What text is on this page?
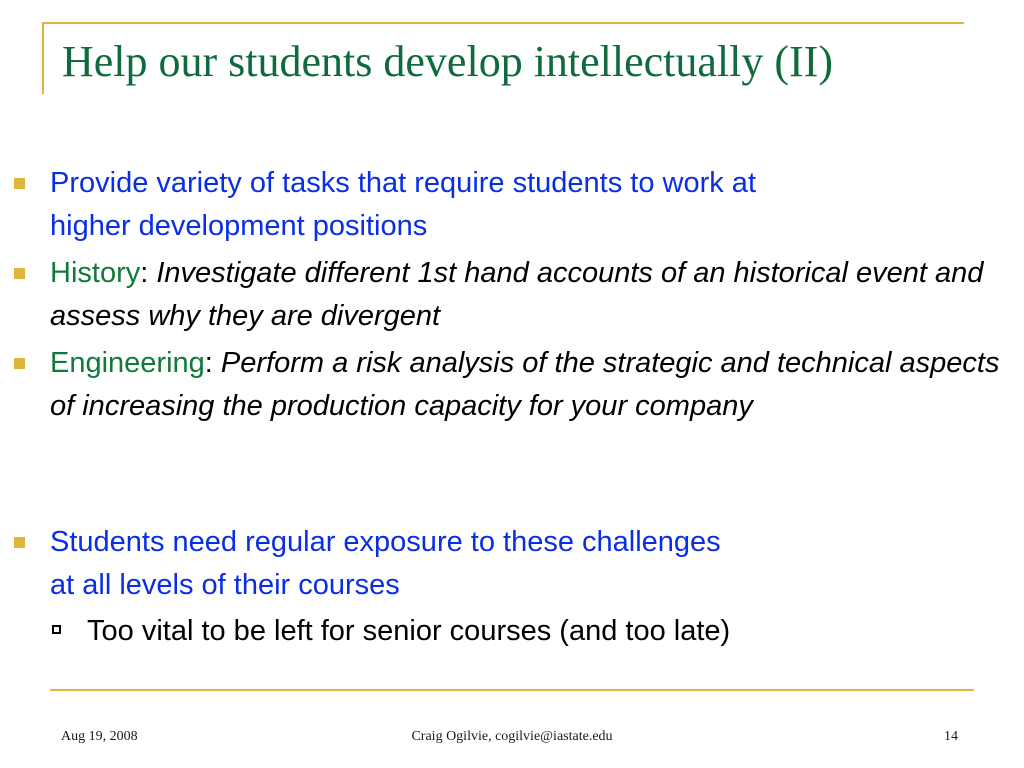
Help our students develop intellectually (II)
Provide variety of tasks that require students to work at
higher development positions
History: Investigate different 1st hand accounts of an historical event and assess why they are divergent
Engineering: Perform a risk analysis of the strategic and technical aspects of increasing the production capacity for your company
Students need regular exposure to these challenges
at all levels of their courses
Too vital to be left for senior courses (and too late)
Craig Ogilvie, cogilvie@iastate.edu
Aug 19, 2008	14
